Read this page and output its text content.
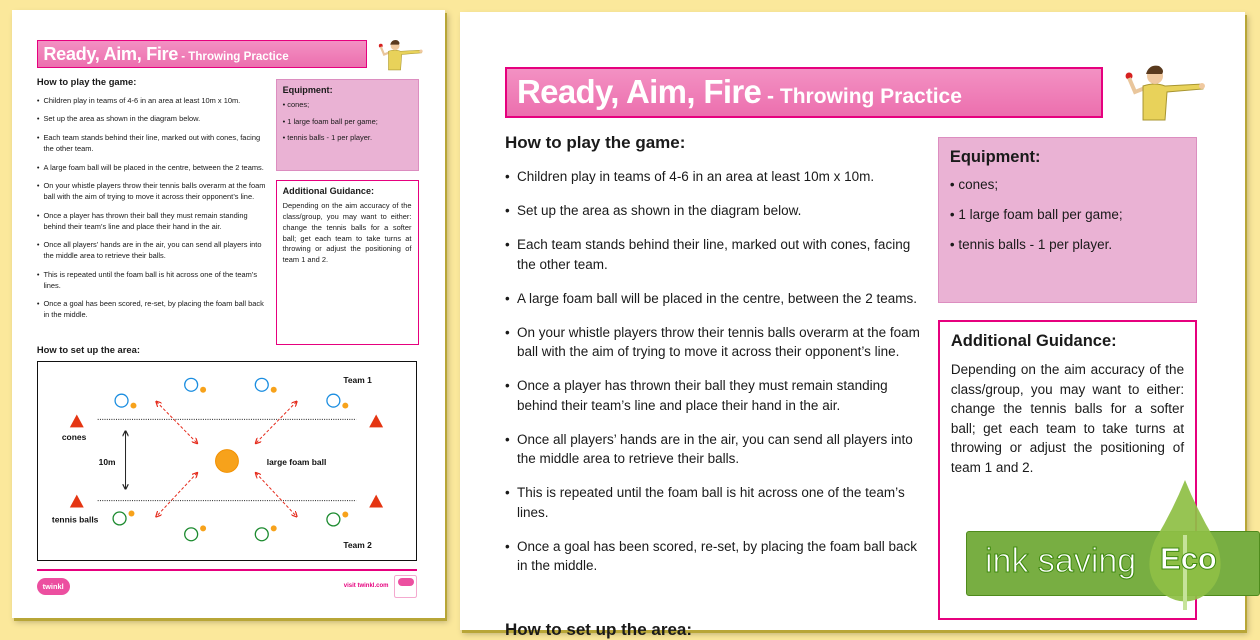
Ready, Aim, Fire - Throwing Practice
How to play the game:
• Children play in teams of 4-6 in an area at least 10m x 10m.
• Set up the area as shown in the diagram below.
• Each team stands behind their line, marked out with cones, facing the other team.
• A large foam ball will be placed in the centre, between the 2 teams.
• On your whistle players throw their tennis balls overarm at the foam ball with the aim of trying to move it across their opponent’s line.
• Once a player has thrown their ball they must remain standing behind their team’s line and place their hand in the air.
• Once all players’ hands are in the air, you can send all players into the middle area to retrieve their balls.
• This is repeated until the foam ball is hit across one of the team’s lines.
• Once a goal has been scored, re-set, by placing the foam ball back in the middle.
Equipment:
• cones;
• 1 large foam ball per game;
• tennis balls - 1 per player.
Additional Guidance:

Depending on the aim accuracy of the class/group, you may want to either: change the tennis balls for a softer ball; get each team to take turns at throwing or adjust the positioning of team 1 and 2.

How to set up the area:
Team 1
Team 2
cones
tennis balls
10m	large foam ball
twinkl	visit twinkl.com
Ready, Aim, Fire - Throwing Practice
How to play the game:
• Children play in teams of 4-6 in an area at least 10m x 10m.
• Set up the area as shown in the diagram below.
• Each team stands behind their line, marked out with cones, facing the other team.
• A large foam ball will be placed in the centre, between the 2 teams.
• On your whistle players throw their tennis balls overarm at the foam ball with the aim of trying to move it across their opponent’s line.
• Once a player has thrown their ball they must remain standing behind their team’s line and place their hand in the air.
• Once all players’ hands are in the air, you can send all players into the middle area to retrieve their balls.
• This is repeated until the foam ball is hit across one of the team’s lines.
• Once a goal has been scored, re-set, by placing the foam ball back in the middle.
Equipment:
• cones;
• 1 large foam ball per game;
• tennis balls - 1 per player.
Additional Guidance:

Depending on the aim accuracy of the class/group, you may want to either: change the tennis balls for a softer ball; get each team to take turns at throwing or adjust the positioning of team 1 and 2.

How to set up the area:
ink saving Eco
